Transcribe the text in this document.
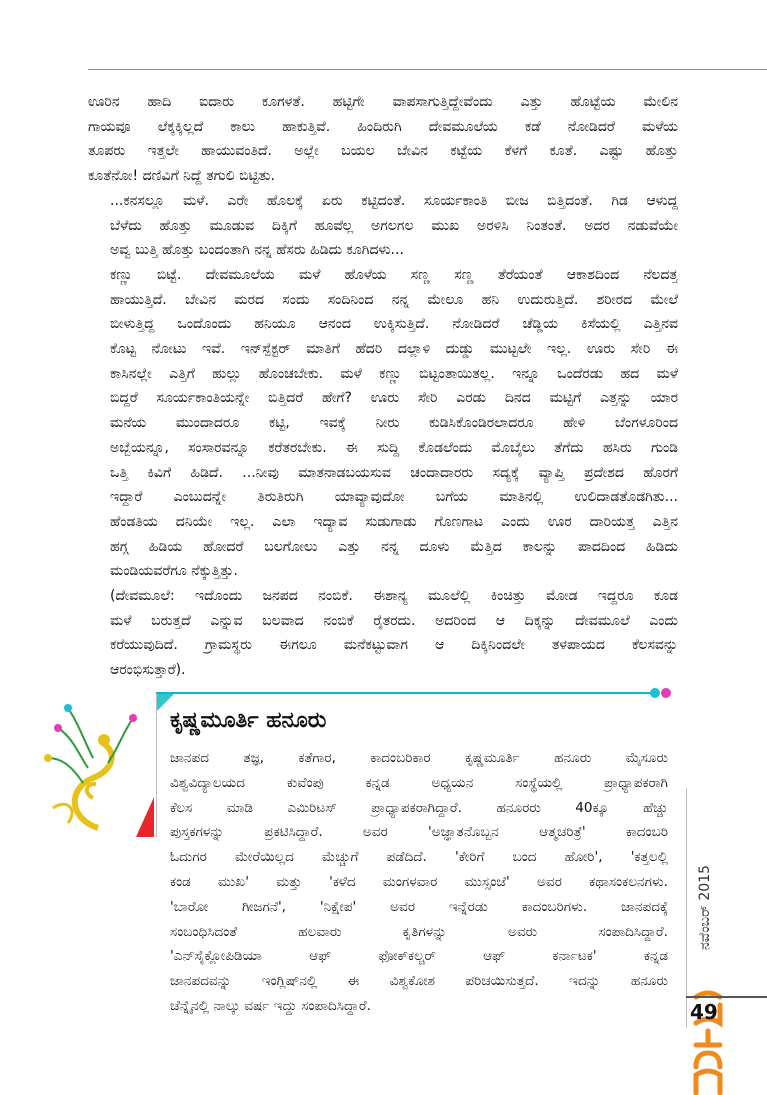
ಊರಿನ ಹಾದಿ ಐದಾರು ಕೂಗಳತೆ. ಹಟ್ಟಿಗೇ ವಾಪಸಾಗುತ್ತಿದ್ದೇವೆಂದು ಎತ್ತು ಹೊಟ್ಟೆಯ ಮೇಲಿನ
ಗಾಯವೂ ಲೆಕ್ಕಕ್ಕಿಲ್ಲದೆ ಕಾಲು ಹಾಕುತ್ತಿವೆ. ಹಿಂದಿರುಗಿ ದೇವಮೂಲೆಯ ಕಡೆ ನೋಡಿದರೆ ಮಳೆಯ
ತೂಪರು ಇತ್ತಲೇ ಹಾಯುವಂತಿದೆ. ಅಲ್ಲೇ ಬಯಲ ಬೇವಿನ ಕಟ್ಟೆಯ ಕೆಳಗೆ ಕೂತೆ. ಎಷ್ಟು ಹೊತ್ತು
ಕೂತೆನೋ! ದಣಿವಿಗೆ ನಿದ್ದೆ ತಗುಲಿ ಬಿಟ್ಟಿತು.

...ಕನಸಲ್ಲೂ ಮಳೆ. ಎರೇ ಹೊಲಕ್ಕೆ ಏರು ಕಟ್ಟಿದಂತೆ. ಸೂರ್ಯಕಾಂತಿ ಬೀಜ ಬಿತ್ತಿದಂತೆ. ಗಿಡ ಆಳುದ್ದ
ಬೆಳೆದು ಹೊತ್ತು ಮೂಡುವ ದಿಕ್ಕಿಗೆ ಹೂವೆಲ್ಲ ಅಗಲಗಲ ಮುಖ ಅರಳಿಸಿ ನಿಂತಂತೆ. ಅದರ ನಡುವೆಯೇ
ಅವ್ವ ಬುತ್ತಿ ಹೊತ್ತು ಬಂದಂತಾಗಿ ನನ್ನ ಹೆಸರು ಹಿಡಿದು ಕೂಗಿದಳು...

ಕಣ್ಣು ಬಿಟ್ಟೆ. ದೇವಮೂಲೆಯ ಮಳೆ ಹೊಳೆಯ ಸಣ್ಣ ಸಣ್ಣ ತೆರೆಯಂತೆ ಆಕಾಶದಿಂದ ನೆಲದತ್ತ
ಹಾಯುತ್ತಿದೆ. ಬೇವಿನ ಮರದ ಸಂದು ಸಂದಿನಿಂದ ನನ್ನ ಮೇಲೂ ಹನಿ ಉದುರುತ್ತಿದೆ. ಶರೀರದ ಮೇಲೆ
ಬೀಳುತ್ತಿದ್ದ ಒಂದೊಂದು ಹನಿಯೂ ಆನಂದ ಉಕ್ಕಿಸುತ್ತಿದೆ. ನೋಡಿದರೆ ಚೆಡ್ಡಿಯ ಕಿಸೆಯಲ್ಲಿ ಎತ್ತಿನವ
ಕೊಟ್ಟ ನೋಟು ಇವೆ. ಇನ್‌ಸ್ಪೆಕ್ಟರ್ ಮಾತಿಗೆ ಹೆದರಿ ದಲ್ಲಾಳಿ ದುಡ್ಡು ಮುಟ್ಟಲೇ ಇಲ್ಲ. ಊರು ಸೇರಿ ಈ
ಕಾಸಿನಲ್ಲೇ ಎತ್ತಿಗೆ ಹುಲ್ಲು ಹೊಂಚಬೇಕು. ಮಳೆ ಕಣ್ಣು ಬಿಟ್ಟಂತಾಯಿತಲ್ಲ. ಇನ್ನೂ ಒಂದೆರಡು ಹದ ಮಳೆ
ಬಿದ್ದರೆ ಸೂರ್ಯಕಾಂತಿಯನ್ನೇ ಬಿತ್ತಿದರೆ ಹೇಗೆ? ಊರು ಸೇರಿ ಎರಡು ದಿನದ ಮಟ್ಟಿಗೆ ಎತ್ತನ್ನು ಯಾರ
ಮನೆಯ ಮುಂದಾದರೂ ಕಟ್ಟಿ, ಇವಕ್ಕೆ ನೀರು ಕುಡಿಸಿಕೊಂಡಿರಲಾದರೂ ಹೇಳಿ ಬೆಂಗಳೂರಿಂದ
ಅಬ್ಬೆಯನ್ನೂ, ಸಂಸಾರವನ್ನೂ ಕರೆತರಬೇಕು. ಈ ಸುದ್ದಿ ಕೊಡಲೆಂದು ಮೊಬೈಲು ತೆಗೆದು ಹಸಿರು ಗುಂಡಿ
ಒತ್ತಿ ಕಿವಿಗೆ ಹಿಡಿದೆ. ...ನೀವು ಮಾತನಾಡಬಯಸುವ ಚಂದಾದಾರರು ಸದ್ಯಕ್ಕೆ ವ್ಯಾಪ್ತಿ ಪ್ರದೇಶದ ಹೊರಗೆ
ಇದ್ದಾರೆ ಎಂಬುದನ್ನೇ ತಿರುತಿರುಗಿ ಯಾವ್ಯಾವುದೋ ಬಗೆಯ ಮಾತಿನಲ್ಲಿ ಉಲಿದಾಡತೊಡಗಿತು...
ಹೆಂಡತಿಯ ದನಿಯೇ ಇಲ್ಲ. ಎಲಾ ಇದ್ಯಾವ ಸುಡುಗಾಡು ಗೊಣಗಾಟ ಎಂದು ಊರ ದಾರಿಯತ್ತ ಎತ್ತಿನ
ಹಗ್ಗ ಹಿಡಿಯ ಹೋದರೆ ಬಲಗೋಲು ಎತ್ತು ನನ್ನ ದೂಳು ಮೆತ್ತಿದ ಕಾಲನ್ನು ಪಾದದಿಂದ ಹಿಡಿದು
ಮಂಡಿಯವರೆಗೂ ನೆಕ್ಕುತ್ತಿತ್ತು.

(ದೇವಮೂಲೆ: ಇದೊಂದು ಜನಪದ ನಂಬಿಕೆ. ಈಶಾನ್ಯ ಮೂಲೆಲ್ಲಿ ಕಿಂಚಿತ್ತು ಮೋಡ ಇದ್ದರೂ ಕೂಡ
ಮಳೆ ಬರುತ್ತದೆ ಎನ್ನುವ ಬಲವಾದ ನಂಬಿಕೆ ರೈತರದು. ಅದರಿಂದ ಆ ದಿಕ್ಕನ್ನು ದೇವಮೂಲೆ ಎಂದು
ಕರೆಯುವುದಿದೆ. ಗ್ರಾಮಸ್ಥರು ಈಗಲೂ ಮನೆಕಟ್ಟುವಾಗ ಆ ದಿಕ್ಕಿನಿಂದಲೇ ತಳಪಾಯದ ಕೆಲಸವನ್ನು
ಆರಂಭಿಸುತ್ತಾರೆ).

ಕೃಷ್ಣಮೂರ್ತಿ ಹನೂರು

ಜಾನಪದ ತಜ್ಞ, ಕತೆಗಾರ, ಕಾದಂಬರಿಕಾರ ಕೃಷ್ಣಮೂರ್ತಿ ಹನೂರು ಮೈಸೂರು
ವಿಶ್ವವಿದ್ಯಾಲಯದ ಕುವೆಂಪು ಕನ್ನಡ ಅಧ್ಯಯನ ಸಂಸ್ಥೆಯಲ್ಲಿ ಪ್ರಾಧ್ಯಾಪಕರಾಗಿ
ಕೆಲಸ ಮಾಡಿ ಎಮಿರಿಟಸ್ ಪ್ರಾಧ್ಯಾಪಕರಾಗಿದ್ದಾರೆ. ಹನೂರರು 40ಕ್ಕೂ ಹೆಚ್ಚು
ಪುಸ್ತಕಗಳನ್ನು ಪ್ರಕಟಿಸಿದ್ದಾರೆ. ಅವರ 'ಅಜ್ಞಾತನೊಬ್ಬನ ಆತ್ಮಚರಿತ್ರೆ' ಕಾದಂಬರಿ
ಓದುಗರ ಮೇರೆಯಿಲ್ಲದ ಮೆಚ್ಚುಗೆ ಪಡೆದಿದೆ. 'ಕೇರಿಗೆ ಬಂದ ಹೋರಿ', 'ಕತ್ತಲಲ್ಲಿ
ಕಂಡ ಮುಖ' ಮತ್ತು 'ಕಳೆದ ಮಂಗಳವಾರ ಮುಸ್ಸಂಜೆ' ಅವರ ಕಥಾಸಂಕಲನಗಳು.
'ಬಾರೋ ಗೀಜಗನೆ', 'ನಿಕ್ಷೇಪ' ಅವರ ಇನ್ನೆರಡು ಕಾದಂಬರಿಗಳು. ಜಾನಪದಕ್ಕೆ
ಸಂಬಂಧಿಸಿದಂತೆ ಹಲವಾರು ಕೃತಿಗಳನ್ನು ಅವರು ಸಂಪಾದಿಸಿದ್ದಾರೆ.
'ಎನ್‌ಸೈಕ್ಲೋಪಿಡಿಯಾ ಆಫ್ ಫೋಕ್‌ಕಲ್ಚರ್ ಆಫ್ ಕರ್ನಾಟಕ' ಕನ್ನಡ
ಜಾನಪದವನ್ನು ಇಂಗ್ಲಿಷ್‌ನಲ್ಲಿ ಈ ವಿಶ್ವಕೋಶ ಪರಿಚಯಿಸುತ್ತದೆ. ಇದನ್ನು ಹನೂರು
ಚೆನ್ನೈನಲ್ಲಿ ನಾಲ್ಕು ವರ್ಷ ಇದ್ದು ಸಂಪಾದಿಸಿದ್ದಾರೆ.

ನವೆಂಬರ್ 2015
49
